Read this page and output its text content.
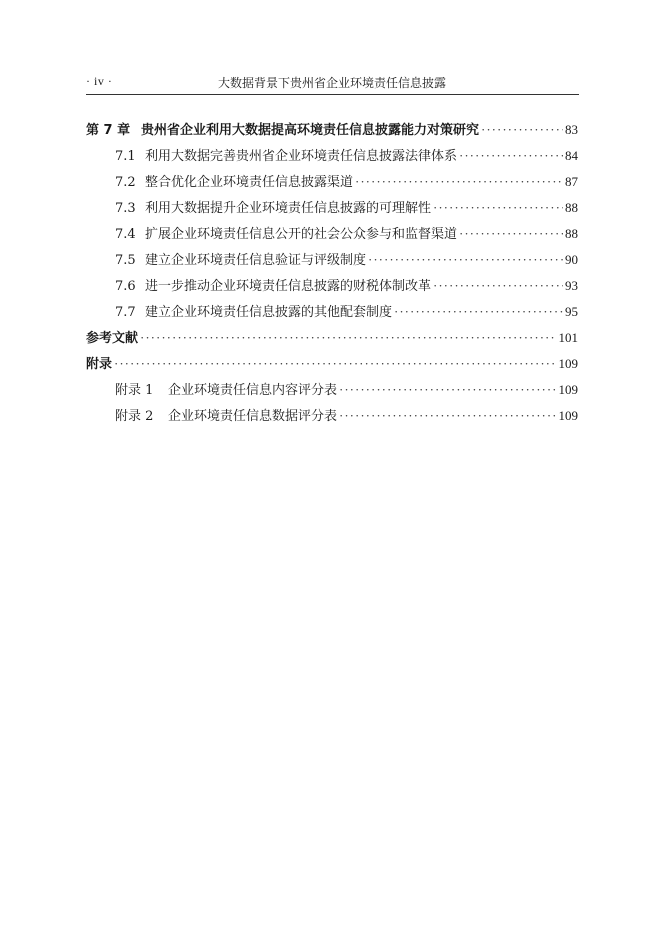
· iv ·	大数据背景下贵州省企业环境责任信息披露
第 7 章 贵州省企业利用大数据提高环境责任信息披露能力对策研究 ·····	83
7.1 利用大数据完善贵州省企业环境责任信息披露法律体系 ·····	84
7.2 整合优化企业环境责任信息披露渠道 ·····	87
7.3 利用大数据提升企业环境责任信息披露的可理解性 ·····	88
7.4 扩展企业环境责任信息公开的社会公众参与和监督渠道 ·····	88
7.5 建立企业环境责任信息验证与评级制度 ·····	90
7.6 进一步推动企业环境责任信息披露的财税体制改革 ·····	93
7.7 建立企业环境责任信息披露的其他配套制度 ·····	95
参考文献 ·····	101
附录 ·····	109
附录 1	企业环境责任信息内容评分表 ·····	109
附录 2	企业环境责任信息数据评分表 ·····	109
